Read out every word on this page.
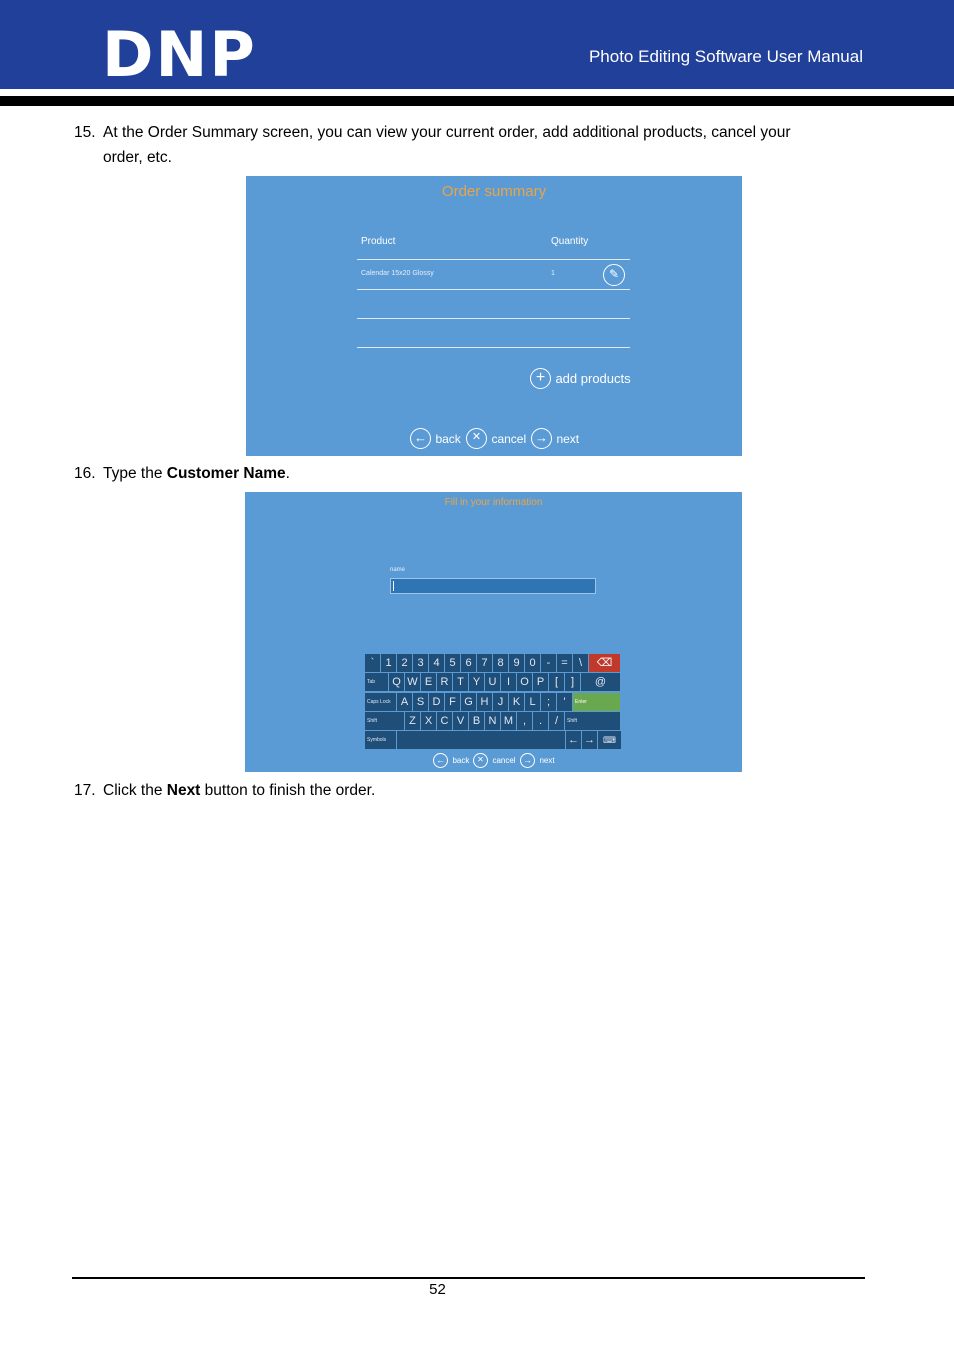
DNP	Photo Editing Software User Manual
15. At the Order Summary screen, you can view your current order, add additional products, cancel your
order, etc.
Order summary
Product	Quantity
Calendar 15x20 Glossy	1	✎
+ add products
← back	✕ cancel → next
16. Type the Customer Name.
Fill in your information
name
`	1 2 3 4 5 6 7 8 9 0	- =	\	⌫
Tab	Q W E R T Y U I O P [	]	@
Caps Lock A S D F G H J K L	;	'	Enter
Shift	Z X C V B N M ,	.	/	Shift
Symbols	← → ⌨
← back ✕ cancel → next
17. Click the Next button to finish the order.
52
